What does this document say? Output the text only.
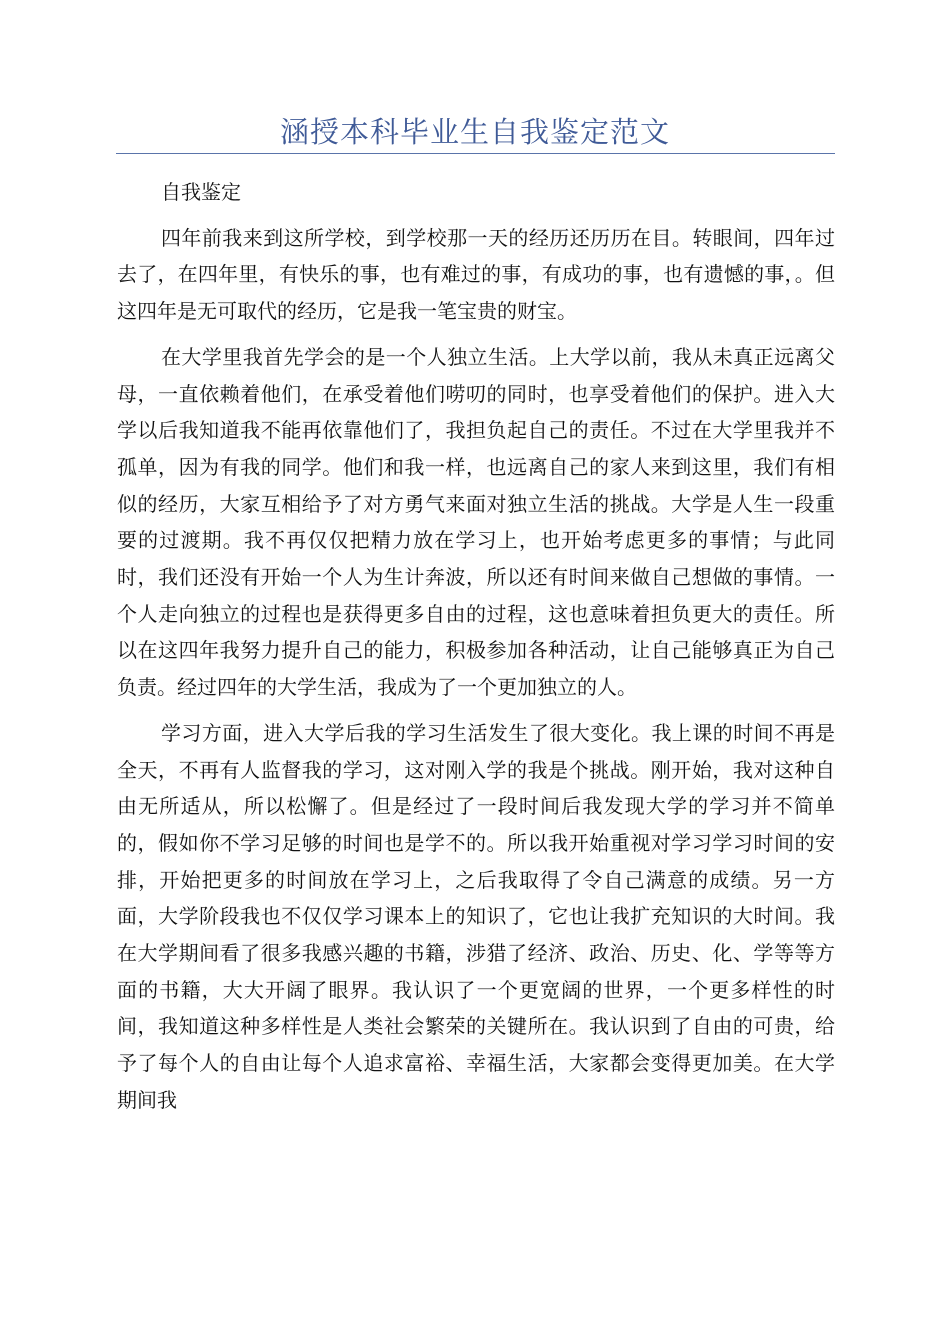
涵授本科毕业生自我鉴定范文

自我鉴定

四年前我来到这所学校，到学校那一天的经历还历历在目。转眼间，四年过去了，在四年里，有快乐的事，也有难过的事，有成功的事，也有遗憾的事，。但这四年是无可取代的经历，它是我一笔宝贵的财宝。

在大学里我首先学会的是一个人独立生活。上大学以前，我从未真正远离父母，一直依赖着他们，在承受着他们唠叨的同时，也享受着他们的保护。进入大学以后我知道我不能再依靠他们了，我担负起自己的责任。不过在大学里我并不孤单，因为有我的同学。他们和我一样，也远离自己的家人来到这里，我们有相似的经历，大家互相给予了对方勇气来面对独立生活的挑战。大学是人生一段重要的过渡期。我不再仅仅把精力放在学习上，也开始考虑更多的事情；与此同时，我们还没有开始一个人为生计奔波，所以还有时间来做自己想做的事情。一个人走向独立的过程也是获得更多自由的过程，这也意味着担负更大的责任。所以在这四年我努力提升自己的能力，积极参加各种活动，让自己能够真正为自己负责。经过四年的大学生活，我成为了一个更加独立的人。

学习方面，进入大学后我的学习生活发生了很大变化。我上课的时间不再是全天，不再有人监督我的学习，这对刚入学的我是个挑战。刚开始，我对这种自由无所适从，所以松懈了。但是经过了一段时间后我发现大学的学习并不简单的，假如你不学习足够的时间也是学不的。所以我开始重视对学习学习时间的安排，开始把更多的时间放在学习上，之后我取得了令自己满意的成绩。另一方面，大学阶段我也不仅仅学习课本上的知识了，它也让我扩充知识的大时间。我在大学期间看了很多我感兴趣的书籍，涉猎了经济、政治、历史、化、学等等方面的书籍，大大开阔了眼界。我认识了一个更宽阔的世界，一个更多样性的时间，我知道这种多样性是人类社会繁荣的关键所在。我认识到了自由的可贵，给予了每个人的自由让每个人追求富裕、幸福生活，大家都会变得更加美。在大学期间我
